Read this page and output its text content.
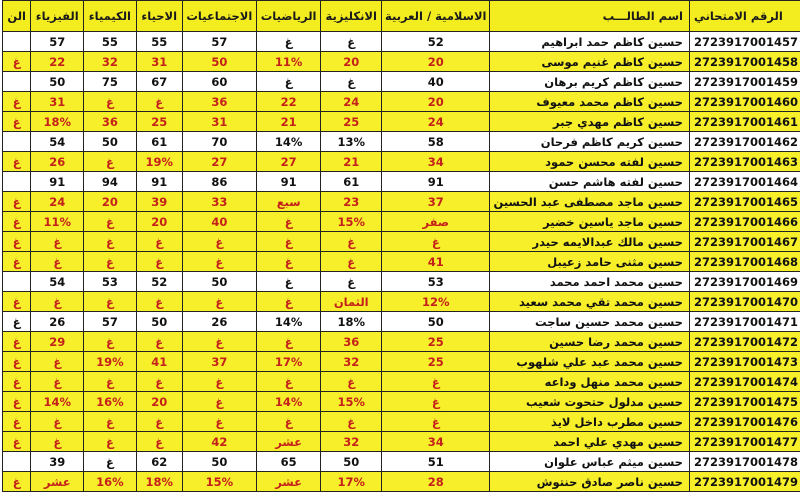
الرقم الامتحاني	اسم الطالـــب	الاسلامية / العربية	الانكليزية	الرياضيات	الاجتماعيات	الاحياء	الكيمياء	الفيزياء	الن
2723917001457	حسين كاظم حمد ابراهيم	52	غ	غ	57	55	55	57	
2723917001458	حسين كاظم غنيم موسى	20	20	11%	50	31	32	22	غ
2723917001459	حسين كاظم كريم برهان	40	غ	غ	60	67	75	50	
2723917001460	حسين كاظم محمد معيوف	20	24	22	36	غ	غ	31	غ
2723917001461	حسين كاظم مهدي جبر	24	25	21	31	25	36	18%	غ
2723917001462	حسين كريم كاظم فرحان	58	13%	14%	70	61	50	54	
2723917001463	حسين لفته محسن حمود	34	21	27	27	19%	غ	26	غ
2723917001464	حسين لفته هاشم حسن	91	61	91	86	91	94	91	
2723917001465	حسين ماجد مصطفى عبد الحسين	37	23	سبع	33	39	20	24	غ
2723917001466	حسين ماجد ياسين خضير	صفر	15%	غ	40	20	غ	11%	غ
2723917001467	حسين مالك عبدالايمه حيدر	غ	غ	غ	غ	غ	غ	غ	غ
2723917001468	حسين مثنى حامد زعيبل	41	غ	غ	غ	غ	غ	غ	غ
2723917001469	حسين محمد احمد محمد	53	غ	غ	50	52	53	54	
2723917001470	حسين محمد تقي محمد سعيد	12%	الثمان	غ	غ	غ	غ	غ	غ
2723917001471	حسين محمد حسين ساجت	50	18%	14%	26	50	57	26	غ
2723917001472	حسين محمد رضا حسين	25	36	غ	غ	غ	غ	29	غ
2723917001473	حسين محمد عبد علي شلهوب	25	32	17%	37	41	19%	غ	غ
2723917001474	حسين محمد منهل وداعه	غ	غ	غ	غ	غ	غ	غ	غ
2723917001475	حسين مدلول حتحوت شعيب	غ	15%	14%	غ	20	16%	14%	غ
2723917001476	حسين مطرب داخل لايذ	غ	غ	غ	غ	غ	غ	غ	غ
2723917001477	حسين مهدي علي احمد	34	32	عشر	42	غ	غ	غ	غ
2723917001478	حسين ميثم عباس علوان	51	50	65	50	62	غ	39	
2723917001479	حسين ناصر صادق حنتوش	28	17%	عشر	15%	18%	16%	عشر	غ
